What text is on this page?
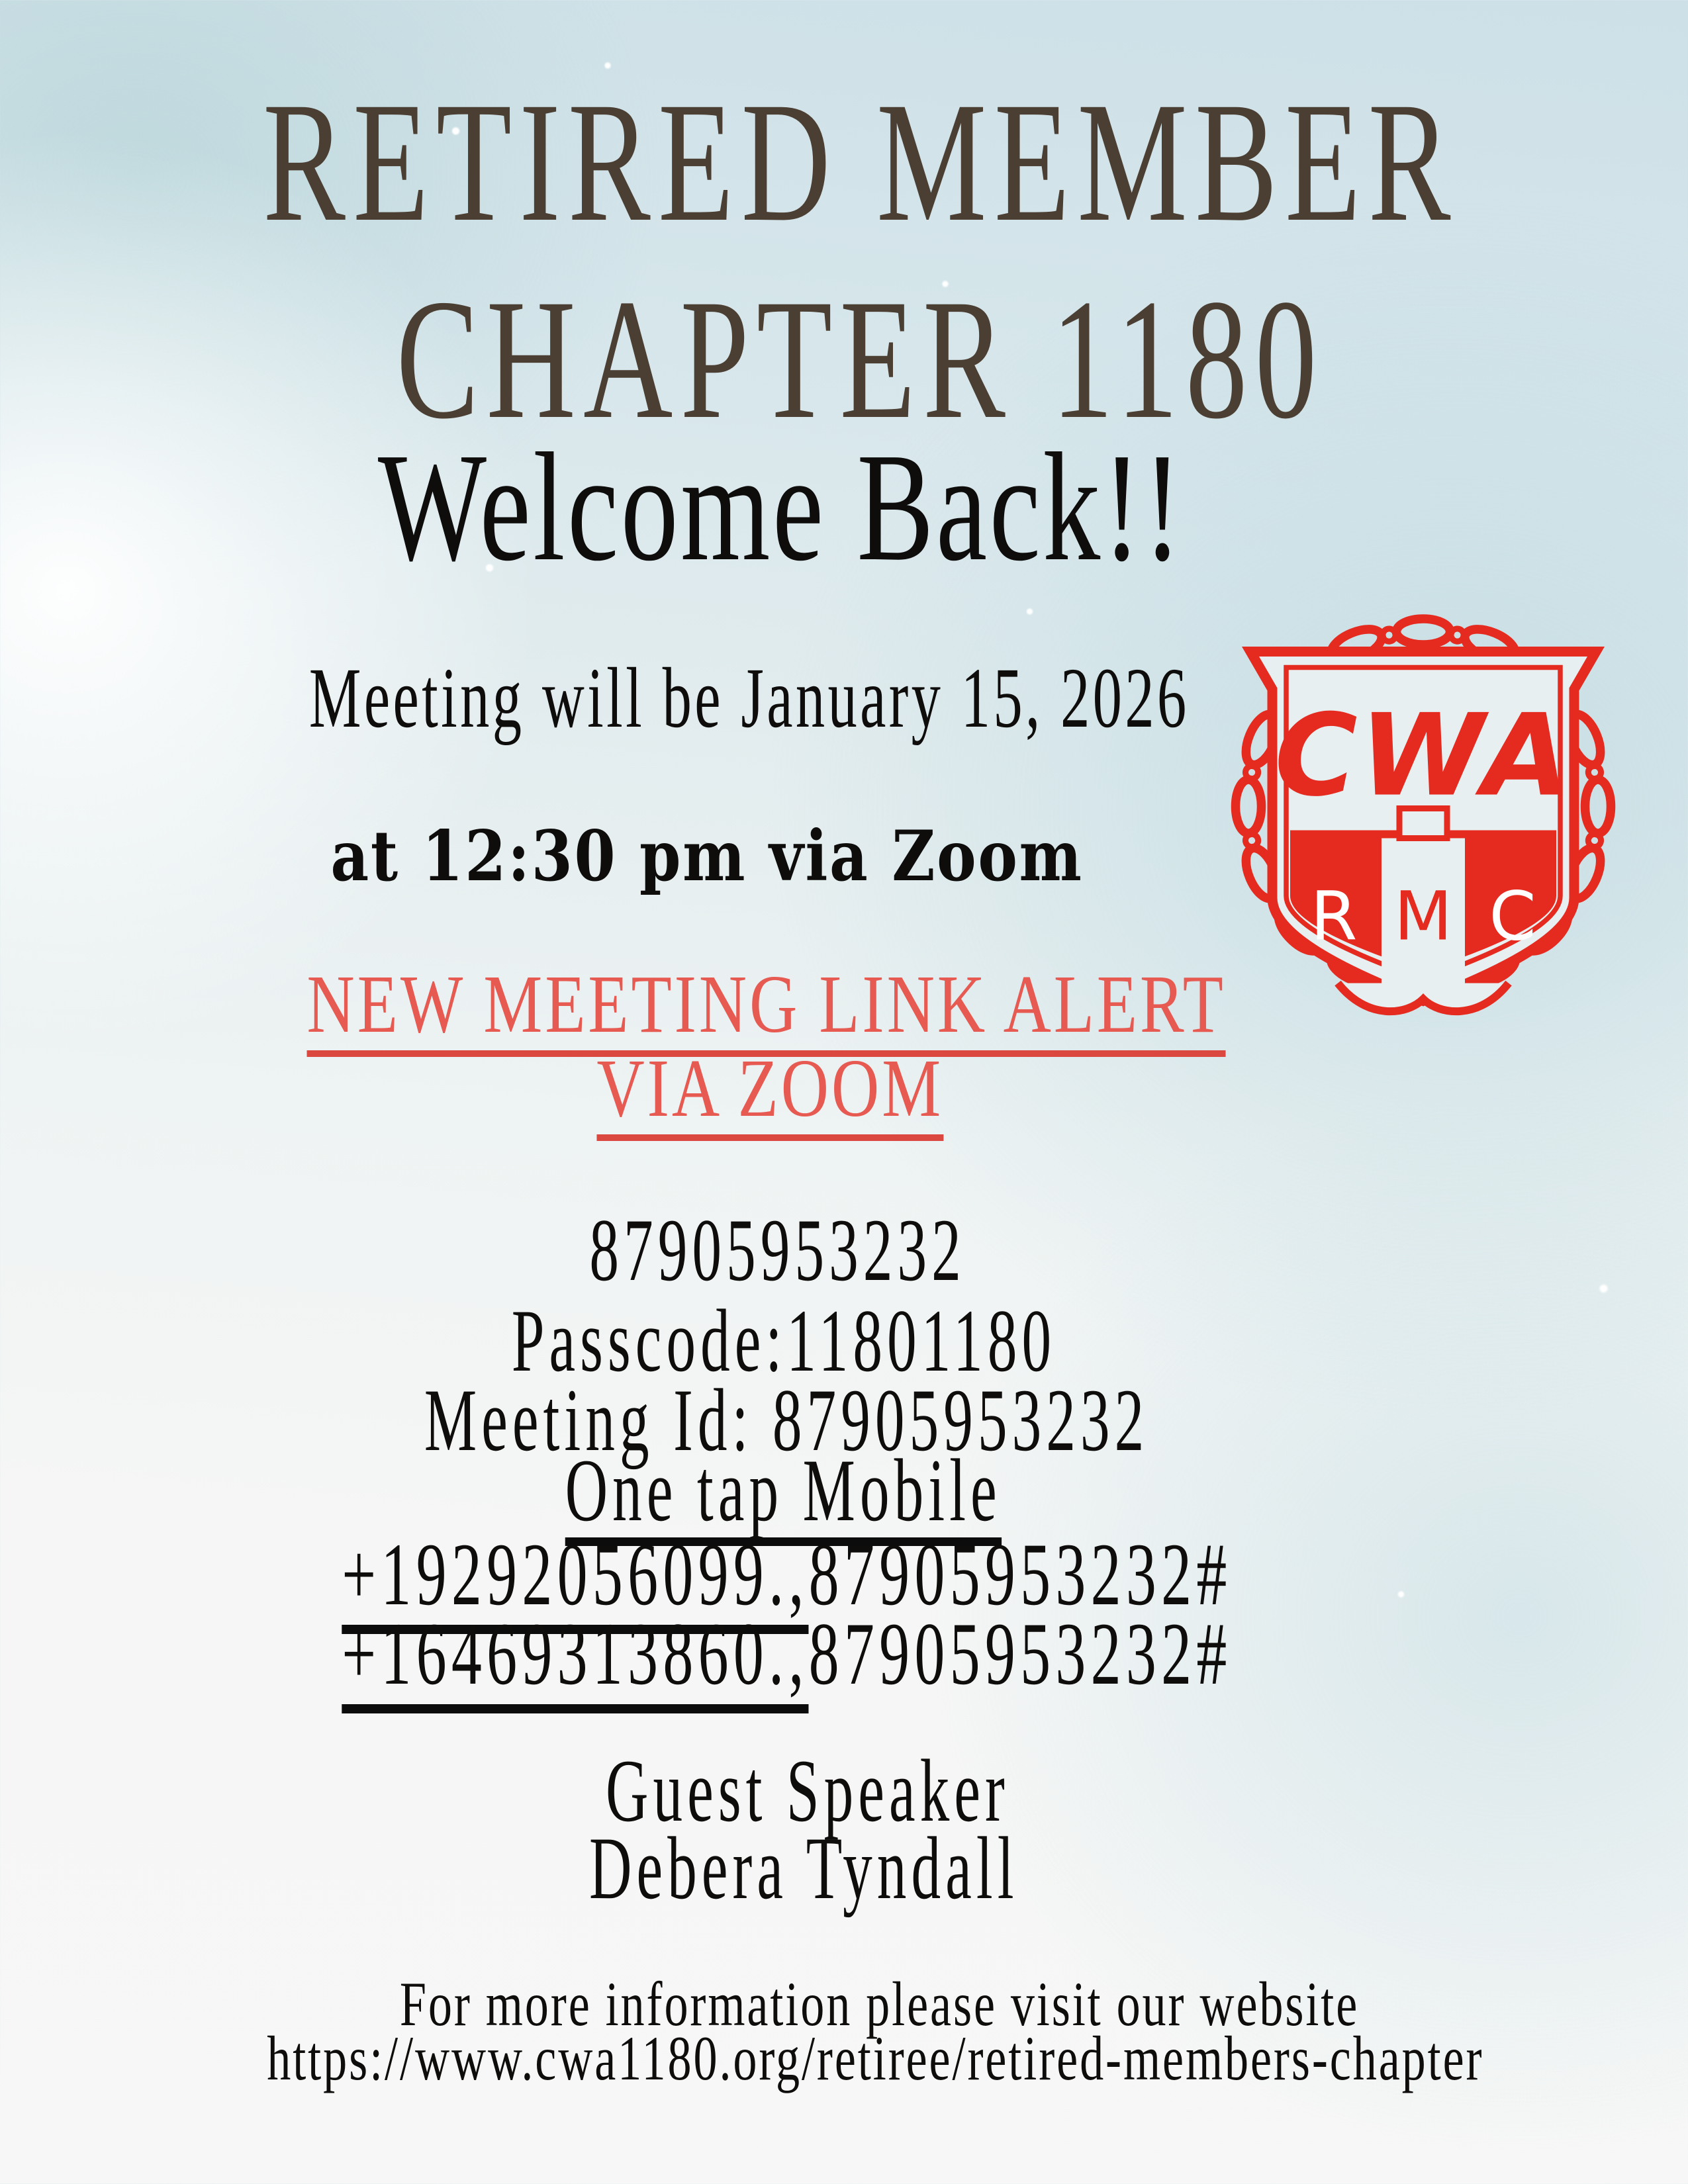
RETIRED MEMBER
CHAPTER 1180
Welcome Back!!
Meeting will be January 15, 2026
at 12:30 pm via Zoom
NEW MEETING LINK ALERT
VIA ZOOM
87905953232
Passcode:11801180
Meeting Id: 87905953232
One tap Mobile
+19292056099.,87905953232#
+16469313860.,87905953232#
Guest Speaker
Debera Tyndall
For more information please visit our website
https://www.cwa1180.org/retiree/retired-members-chapter
CWA
R M C
